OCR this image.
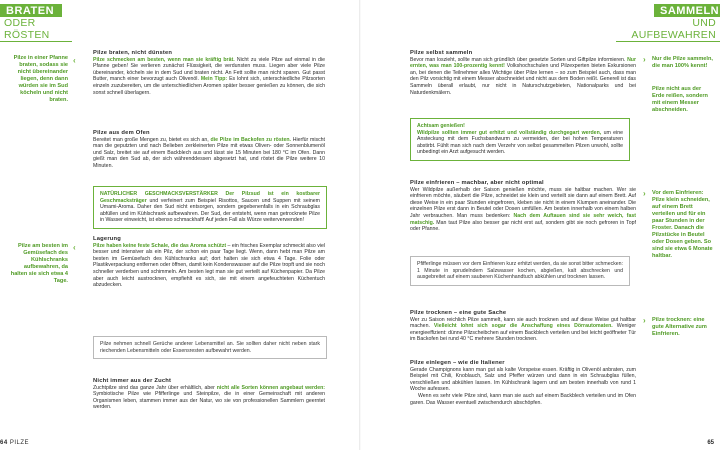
BRATEN
ODER RÖSTEN
Pilze in einer Pfanne braten, sodass sie nicht übereinander liegen, denn dann würden sie im Sud köcheln und nicht braten.
‹
Pilze am besten im Gemüsefach des Kühlschranks aufbewahren, da halten sie sich etwa 4 Tage.
‹

Pilze braten, nicht dünsten

Pilze schmecken am besten, wenn man sie kräftig brät. Nicht zu viele Pilze auf einmal in die Pfanne geben! Sie verlieren zunächst Flüssigkeit, die verdunsten muss. Liegen aber viele Pilze übereinander, köcheln sie in dem Sud und braten nicht. An Fett sollte man nicht sparen. Gut passt Butter, manch einer bevorzugt auch Olivenöl. Mein Tipp: Es lohnt sich, unterschiedliche Pilzsorten einzeln zuzubereiten, um die unterschiedlichen Aromen später besser genießen zu können, die sich sonst schnell überlagern.

Pilze aus dem Ofen

Bereitet man große Mengen zu, bietet es sich an, die Pilze im Backofen zu rösten. Hierfür mischt man die geputzten und nach Belieben zerkleinerten Pilze mit etwas Oliven- oder Sonnenblumenöl und Salz, breitet sie auf einem Backblech aus und lässt sie 15 Minuten bei 180 °C im Ofen. Dann gießt man den Sud ab, der sich währenddessen abgesetzt hat, und röstet die Pilze weitere 10 Minuten.

NATÜRLICHER GESCHMACKSVERSTÄRKER Der Pilzsud ist ein kostbarer Geschmacksträger und verfeinert zum Beispiel Risottos, Saucen und Suppen mit seinem Umami-Aroma. Daher den Sud nicht entsorgen, sondern gegebenenfalls in ein Schraubglas abfüllen und im Kühlschrank aufbewahren. Der Sud, der entsteht, wenn man getrocknete Pilze in Wasser einweicht, ist ebenso schmackhaft! Auf jeden Fall als Würze weiterverwenden!

Lagerung

Pilze haben keine feste Schale, die das Aroma schützt – ein frisches Exemplar schmeckt also viel besser und intensiver als ein Pilz, der schon ein paar Tage liegt. Wenn, dann hebt man Pilze am besten im Gemüsefach des Kühlschranks auf; dort halten sie sich etwa 4 Tage. Folie oder Plastikverpackung entfernen oder öffnen, damit kein Kondenswasser auf die Pilze tropft und sie noch schneller verderben und schimmeln. Am besten legt man sie gut verteilt auf Küchenpapier. Da Pilze aber auch leicht austrocknen, empfiehlt es sich, sie mit einem angefeuchteten Küchentuch abzudecken.

Pilze nehmen schnell Gerüche anderer Lebensmittel an. Sie sollten daher nicht neben stark riechenden Lebensmitteln oder Essensresten aufbewahrt werden.

Nicht immer aus der Zucht

Zuchtpilze sind das ganze Jahr über erhältlich, aber nicht alle Sorten können angebaut werden: Symbiotische Pilze wie Pfifferlinge und Steinpilze, die in einer Gemeinschaft mit anderen Organismen leben, stammen immer aus der Natur, wo sie von professionellen Sammlern geerntet werden.

64 PILZE
SAMMELN
UND AUFBEWAHREN

Pilze selbst sammeln

Bevor man loszieht, sollte man sich gründlich über gesetzte Sorten und Giftpilze informieren. Nur ernten, was man 100-prozentig kennt! Volkshochschulen und Pilzexperten bieten Exkursionen an, bei denen die Teilnehmer alles Wichtige über Pilze lernen – so zum Beispiel auch, dass man den Pilz vorsichtig mit einem Messer abschneidet und nicht aus dem Boden reißt. Generell ist das Sammeln überall erlaubt, nur nicht in Naturschutzgebieten, Nationalparks und bei Naturdenkmälern.

Achtsam genießen!
Wildpilze sollten immer gut erhitzt und vollständig durchgegart werden, um eine Ansteckung mit dem Fuchsbandwurm zu vermeiden, der bei hohen Temperaturen abstirbt. Fühlt man sich nach dem Verzehr von selbst gesammelten Pilzen unwohl, sollte unbedingt ein Arzt aufgesucht werden.

Pilze einfrieren – machbar, aber nicht optimal

Wer Wildpilze außerhalb der Saison genießen möchte, muss sie haltbar machen. Wer sie einfrieren möchte, säubert die Pilze, schneidet sie klein und verteilt sie dann auf einem Brett. Auf diese Weise in ein paar Stunden eingefroren, kleben sie nicht in einem Klumpen aneinander. Die einzelnen Pilze erst dann in Beutel oder Dosen umfüllen. Am besten innerhalb von einem halben Jahr verbrauchen. Man muss bedenken: Nach dem Auftauen sind sie sehr weich, fast matschig. Man taut Pilze also besser gar nicht erst auf, sondern gibt sie noch gefroren in Topf oder Pfanne.

Pfifferlinge müssen vor dem Einfrieren kurz erhitzt werden, da sie sonst bitter schmecken: 1 Minute in sprudelndem Salzwasser kochen, abgießen, kalt abschrecken und ausgebreitet auf einem sauberen Küchenhandtuch abkühlen und trocknen lassen.

Pilze trocknen – eine gute Sache

Wer zu Saison reichlich Pilze sammelt, kann sie auch trocknen und auf diese Weise gut haltbar machen. Vielleicht lohnt sich sogar die Anschaffung eines Dörrautomaten. Weniger energieeffizient: dünne Pilzscheibchen auf einem Backblech verteilen und bei leicht geöffneter Tür im Backofen bei rund 40 °C mehrere Stunden trocknen.

Pilze einlegen – wie die Italiener

Gerade Champignons kann man gut als kalte Vorspeise essen. Kräftig in Olivenöl anbraten, zum Beispiel mit Chili, Knoblauch, Salz und Pfeffer würzen und dann in ein Schraubglas füllen, verschließen und abkühlen lassen. Im Kühlschrank lagern und am besten innerhalb von rund 1 Woche aufessen.

Wenn es sehr viele Pilze sind, kann man sie auch auf einem Backblech verteilen und im Ofen garen. Das Wasser eventuell zwischendurch abschöpfen.

› Nur die Pilze sammeln, die man 100% kennt!
Pilze nicht aus der Erde reißen, sondern mit einem Messer abschneiden.
› Vor dem Einfrieren: Pilze klein schneiden, auf einem Brett verteilen und für ein paar Stunden in der Froster. Danach die Pilzstücke in Beutel oder Dosen geben. So sind sie etwa 6 Monate haltbar.
› Pilze trocknen: eine gute Alternative zum Einfrieren.
65
